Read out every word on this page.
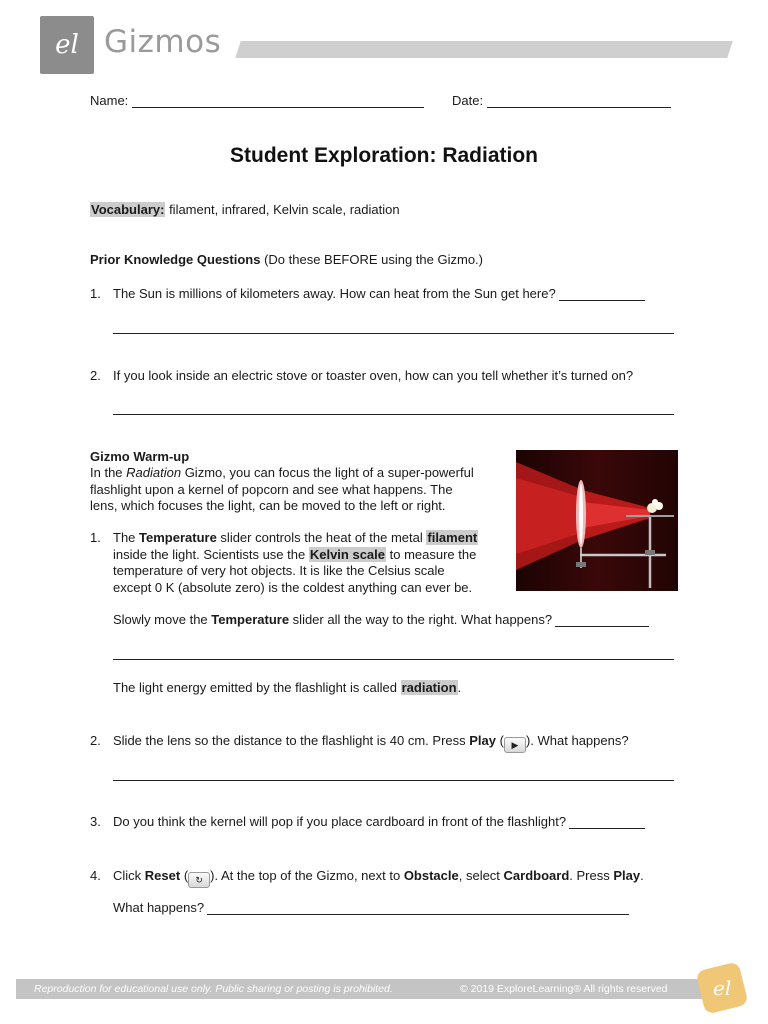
el Gizmos
Name:	Date:
Student Exploration: Radiation
Vocabulary: filament, infrared, Kelvin scale, radiation
Prior Knowledge Questions (Do these BEFORE using the Gizmo.)
1. The Sun is millions of kilometers away. How can heat from the Sun get here?
2. If you look inside an electric stove or toaster oven, how can you tell whether it’s turned on?
Gizmo Warm-up
In the Radiation Gizmo, you can focus the light of a super-powerful
flashlight upon a kernel of popcorn and see what happens. The
lens, which focuses the light, can be moved to the left or right.
1. The Temperature slider controls the heat of the metal filament
inside the light. Scientists use the Kelvin scale to measure the
temperature of very hot objects. It is like the Celsius scale
except 0 K (absolute zero) is the coldest anything can ever be.
Slowly move the Temperature slider all the way to the right. What happens?
The light energy emitted by the flashlight is called radiation.
2. Slide the lens so the distance to the flashlight is 40 cm. Press Play ( ▶ ). What happens?
3. Do you think the kernel will pop if you place cardboard in front of the flashlight?
4. Click Reset ( ↻ ). At the top of the Gizmo, next to Obstacle, select Cardboard. Press Play.
What happens?
Reproduction for educational use only. Public sharing or posting is prohibited.	© 2019 ExploreLearning® All rights reserved el
